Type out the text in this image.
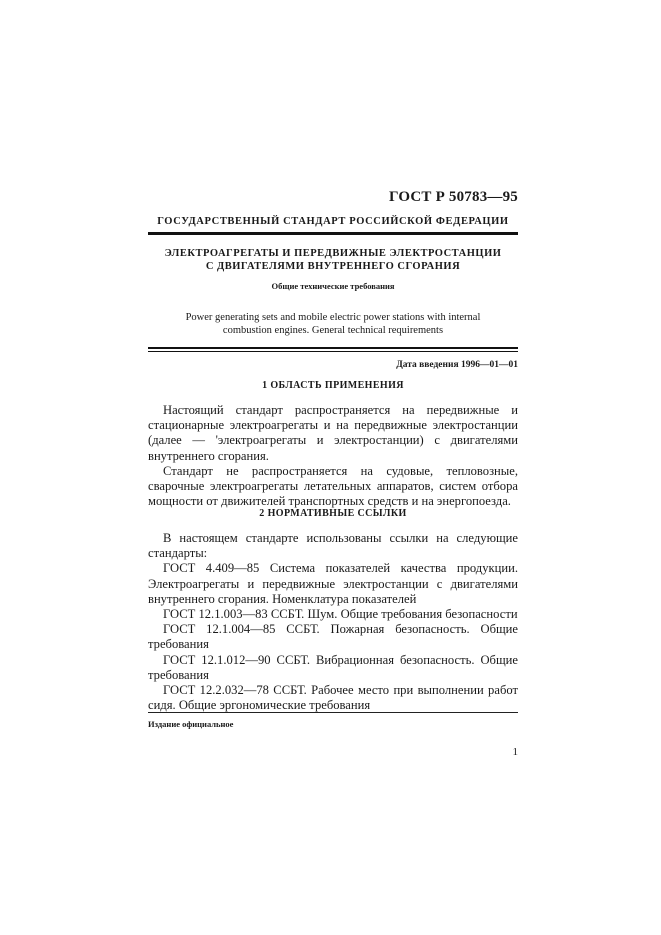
ГОСТ Р 50783—95
ГОСУДАРСТВЕННЫЙ СТАНДАРТ РОССИЙСКОЙ ФЕДЕРАЦИИ
ЭЛЕКТРОАГРЕГАТЫ И ПЕРЕДВИЖНЫЕ ЭЛЕКТРОСТАНЦИИ
С ДВИГАТЕЛЯМИ ВНУТРЕННЕГО СГОРАНИЯ
Общие технические требования
Power generating sets and mobile electric power stations with internal
combustion engines. General technical requirements
Дата введения 1996—01—01
1 ОБЛАСТЬ ПРИМЕНЕНИЯ

Настоящий стандарт распространяется на передвижные и стационарные электроагрегаты и на передвижные электростанции (далее — 'электроагрегаты и электростанции) с двигателями внутреннего сгорания.

Стандарт не распространяется на судовые, тепловозные, сварочные электроагрегаты летательных аппаратов, систем отбора мощности от движителей транспортных средств и на энергопоезда.

2 НОРМАТИВНЫЕ ССЫЛКИ

В настоящем стандарте использованы ссылки на следующие стандарты:

ГОСТ 4.409—85 Система показателей качества продукции. Электроагрегаты и передвижные электростанции с двигателями внутреннего сгорания. Номенклатура показателей

ГОСТ 12.1.003—83 ССБТ. Шум. Общие требования безопасности

ГОСТ 12.1.004—85 ССБТ. Пожарная безопасность. Общие требования

ГОСТ 12.1.012—90 ССБТ. Вибрационная безопасность. Общие требования

ГОСТ 12.2.032—78 ССБТ. Рабочее место при выполнении работ сидя. Общие эргономические требования

Издание официальное
1
